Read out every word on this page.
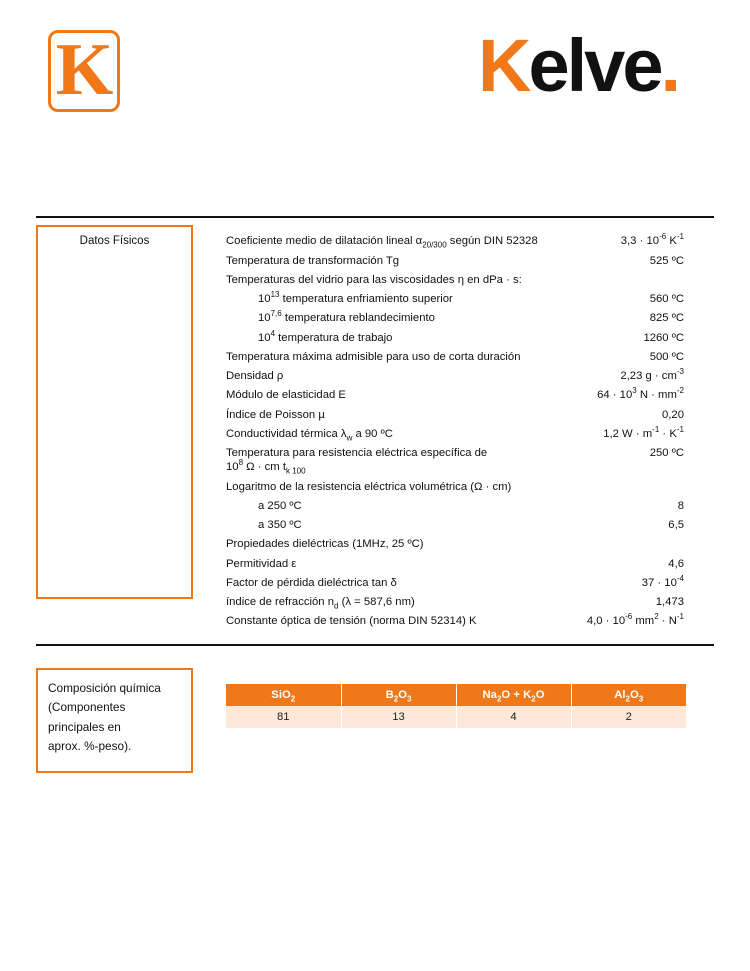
K	Kelve.
Datos Físicos	Coeficiente medio de dilatación lineal $\alpha_{20/300}$ según DIN 52328	$3,3 \cdot 10^{-6}$ $K^{-1}$
Temperatura de transformación Tg	525 ºC
Temperaturas del vidrio para las viscosidades η en dPa · s:	
$10^{13}$ temperatura enfriamiento superior	560 ºC
10$^{7,6}$ temperatura reblandecimiento	825 ºC
$10^4$ temperatura de trabajo	1260 ºC
Temperatura máxima admisible para uso de corta duración	500 ºC
Densidad ρ	2,23 $g \cdot cm^{-3}$
Módulo de elasticidad E	$64 \cdot 10^3$ $N \cdot mm^{-2}$
Índice de Poisson µ	0,20
Conductividad térmica $\lambda_w$ a 90 ºC	1,2 $W \cdot m^{-1} \cdot K^{-1}$
Temperatura para resistencia eléctrica específica de
$10^8$ Ω · cm $t_{k 100}$	250 ºC
Logaritmo de la resistencia eléctrica volumétrica (Ω · cm)	
a 250 ºC	8
a 350 ºC	6,5
Propiedades dieléctricas (1MHz, 25 ºC)	
Permitividad ε	4,6
Factor de pérdida dieléctrica tan δ	$37 \cdot 10^{-4}$
índice de refracción $n_d$ (λ = 587,6 nm)	1,473
Constante óptica de tensión (norma DIN 52314) K	$4,0 \cdot 10^{-6}$ $mm^2 \cdot N^{-1}$
Composición química
(Componentes
principales en
aprox. %-peso).
SiO$_2$	$B_2O_3$	$Na_2O + K_2O$	$Al_2O_3$
81	13	4	2
